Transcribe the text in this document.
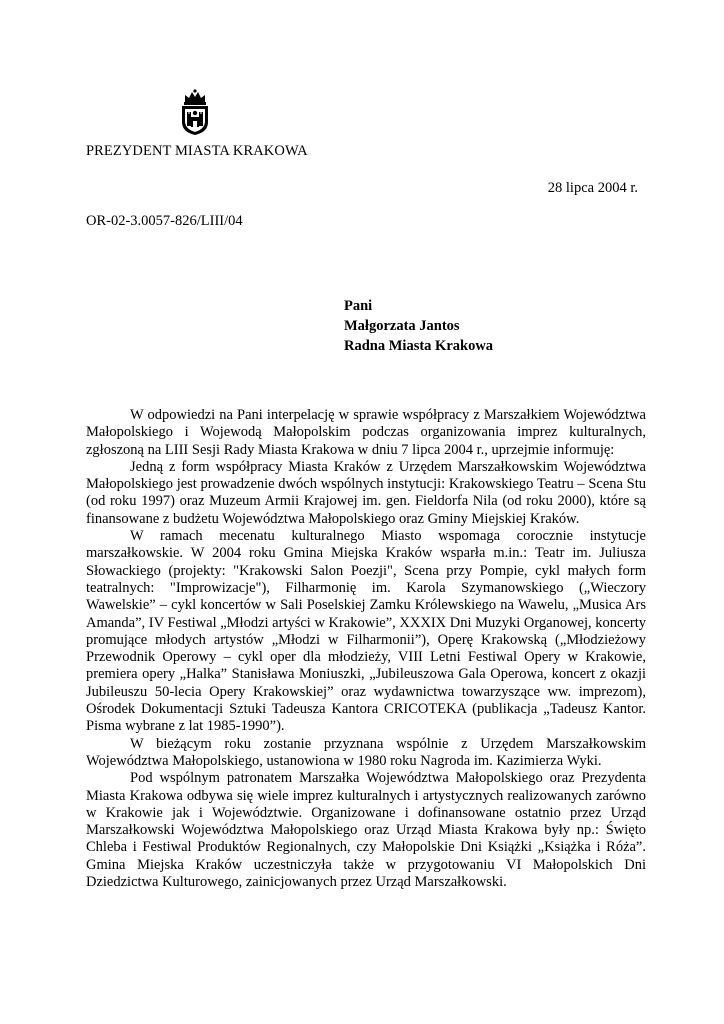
PREZYDENT MIASTA KRAKOWA
28 lipca 2004 r.
OR-02-3.0057-826/LIII/04
Pani
Małgorzata Jantos
Radna Miasta Krakowa

W odpowiedzi na Pani interpelację w sprawie współpracy z Marszałkiem Województwa Małopolskiego i Wojewodą Małopolskim podczas organizowania imprez kulturalnych, zgłoszoną na LIII Sesji Rady Miasta Krakowa w dniu 7 lipca 2004 r., uprzejmie informuję:

Jedną z form współpracy Miasta Kraków z Urzędem Marszałkowskim Województwa Małopolskiego jest prowadzenie dwóch wspólnych instytucji: Krakowskiego Teatru – Scena Stu (od roku 1997) oraz Muzeum Armii Krajowej im. gen. Fieldorfa Nila (od roku 2000), które są finansowane z budżetu Województwa Małopolskiego oraz Gminy Miejskiej Kraków.

W ramach mecenatu kulturalnego Miasto wspomaga corocznie instytucje marszałkowskie. W 2004 roku Gmina Miejska Kraków wsparła m.in.: Teatr im. Juliusza Słowackiego (projekty: "Krakowski Salon Poezji", Scena przy Pompie, cykl małych form teatralnych: "Improwizacje"), Filharmonię im. Karola Szymanowskiego („Wieczory Wawelskie” – cykl koncertów w Sali Poselskiej Zamku Królewskiego na Wawelu, „Musica Ars Amanda”, IV Festiwal „Młodzi artyści w Krakowie”, XXXIX Dni Muzyki Organowej, koncerty promujące młodych artystów „Młodzi w Filharmonii”), Operę Krakowską („Młodzieżowy Przewodnik Operowy – cykl oper dla młodzieży, VIII Letni Festiwal Opery w Krakowie, premiera opery „Halka” Stanisława Moniuszki, „Jubileuszowa Gala Operowa, koncert z okazji Jubileuszu 50-lecia Opery Krakowskiej” oraz wydawnictwa towarzyszące ww. imprezom), Ośrodek Dokumentacji Sztuki Tadeusza Kantora CRICOTEKA (publikacja „Tadeusz Kantor. Pisma wybrane z lat 1985-1990”).

W bieżącym roku zostanie przyznana wspólnie z Urzędem Marszałkowskim Województwa Małopolskiego, ustanowiona w 1980 roku Nagroda im. Kazimierza Wyki.

Pod wspólnym patronatem Marszałka Województwa Małopolskiego oraz Prezydenta Miasta Krakowa odbywa się wiele imprez kulturalnych i artystycznych realizowanych zarówno w Krakowie jak i Województwie. Organizowane i dofinansowane ostatnio przez Urząd Marszałkowski Województwa Małopolskiego oraz Urząd Miasta Krakowa były np.: Święto Chleba i Festiwal Produktów Regionalnych, czy Małopolskie Dni Książki „Książka i Róża”. Gmina Miejska Kraków uczestniczyła także w przygotowaniu VI Małopolskich Dni Dziedzictwa Kulturowego, zainicjowanych przez Urząd Marszałkowski.
